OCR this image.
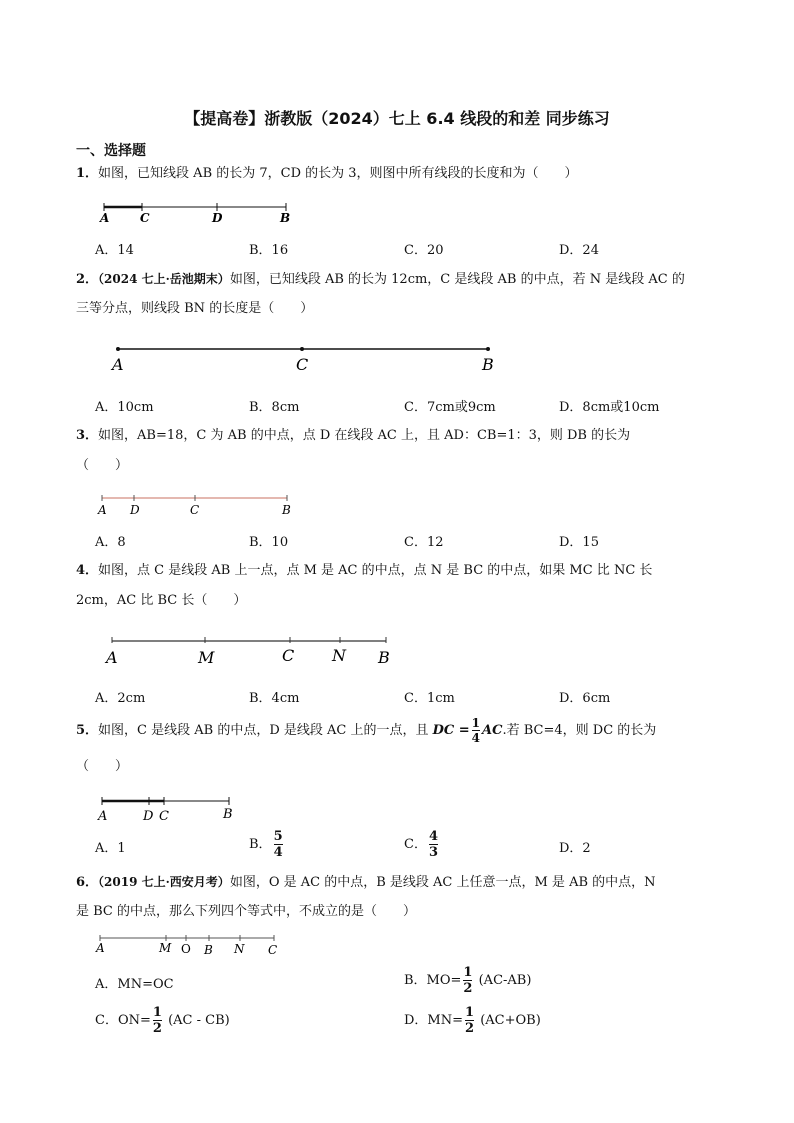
【提高卷】浙教版（2024）七上 6.4 线段的和差 同步练习
一、选择题
1．如图，已知线段 AB 的长为 7，CD 的长为 3，则图中所有线段的长度和为（　　）
A	C	D	B
A．14	B．16	C．20	D．24
2．（2024 七上·岳池期末）如图，已知线段 AB 的长为 12cm，C 是线段 AB 的中点，若 N 是线段 AC 的
三等分点，则线段 BN 的长度是（　　）
A	C	B
A．10cm	B．8cm	C．7cm或9cm	D．8cm或10cm
3．如图，AB=18，C 为 AB 的中点，点 D 在线段 AC 上，且 AD：CB=1：3，则 DB 的长为
（　　）
A D	C	B
A．8	B．10	C．12	D．15
4．如图，点 C 是线段 AB 上一点，点 M 是 AC 的中点，点 N 是 BC 的中点，如果 MC 比 NC 长
2cm，AC 比 BC 长（　　）
A	M	C N B
A．2cm	B．4cm	C．1cm	D．6cm
5．如图，C 是线段 AB 的中点，D 是线段 AC 上的一点，且 DC = $\frac{1}{4}$ AC.若 BC=4，则 DC 的长为
（　　）
A	D C	B
A．1	B． $\frac{5}{4}$	C． $\frac{4}{3}$	D．2
6．（2019 七上·西安月考）如图，O 是 AC 的中点，B 是线段 AC 上任意一点，M 是 AB 的中点，N
是 BC 的中点，那么下列四个等式中，不成立的是（　　）
A	M O B N C
A．MN=OC	B．$MO= \frac{1}{2} (AC-AB)$
C．$ON= \frac{1}{2} (AC - CB)$	D．$MN= \frac{1}{2} (AC+OB)$
